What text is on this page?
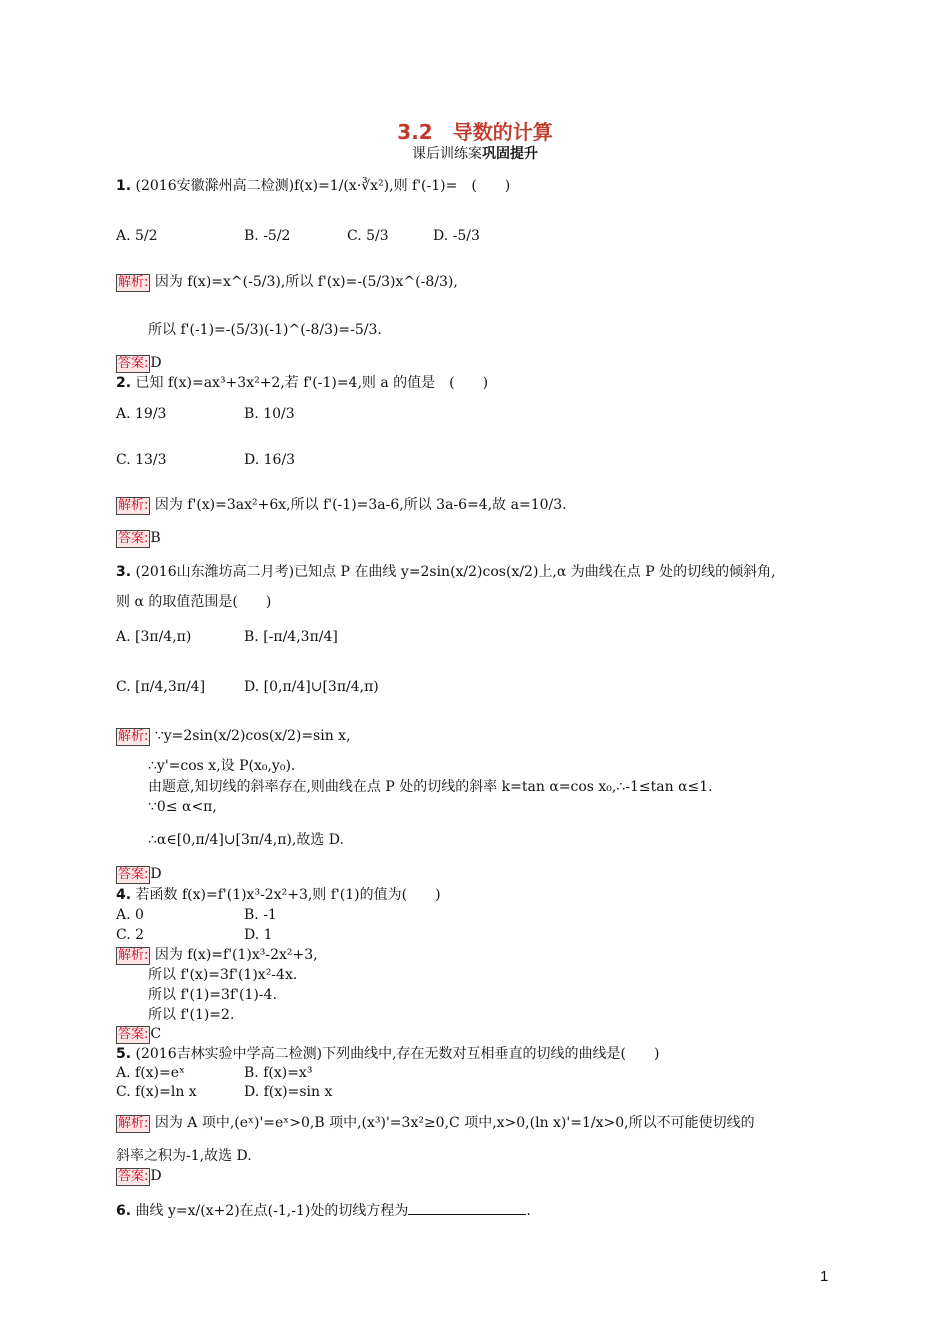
3.2　导数的计算
课后训练案巩固提升
1. (2016安徽滁州高二检测)f(x)=1/(x·∛x²),则 f'(-1)=　(　　)
A. 5/2	B. -5/2	C. 5/3	D. -5/3
解析: 因为 f(x)=x^(-5/3),所以 f'(x)=-(5/3)x^(-8/3),
所以 f'(-1)=-(5/3)(-1)^(-8/3)=-5/3.
答案: D
2. 已知 f(x)=ax³+3x²+2,若 f'(-1)=4,则 a 的值是　(　　)
A. 19/3	B. 10/3
C. 13/3	D. 16/3
解析: 因为 f'(x)=3ax²+6x,所以 f'(-1)=3a-6,所以 3a-6=4,故 a=10/3.
答案: B
3. (2016山东潍坊高二月考)已知点 P 在曲线 y=2sin(x/2)cos(x/2)上,α 为曲线在点 P 处的切线的倾斜角,
则 α 的取值范围是(　　)
A. [3π/4,π)	B. [-π/4,3π/4]
C. [π/4,3π/4]	D. [0,π/4]∪[3π/4,π)
解析: ∵y=2sin(x/2)cos(x/2)=sin x,
∴y'=cos x,设 P(x₀,y₀).
由题意,知切线的斜率存在,则曲线在点 P 处的切线的斜率 k=tan α=cos x₀,∴-1≤tan α≤1.
∵0≤ α<π,
∴α∈[0,π/4]∪[3π/4,π),故选 D.
答案: D
4. 若函数 f(x)=f'(1)x³-2x²+3,则 f'(1)的值为(　　)
A. 0	B. -1
C. 2	D. 1
解析: 因为 f(x)=f'(1)x³-2x²+3,
所以 f'(x)=3f'(1)x²-4x.
所以 f'(1)=3f'(1)-4.
所以 f'(1)=2.
答案: C
5. (2016吉林实验中学高二检测)下列曲线中,存在无数对互相垂直的切线的曲线是(　　)
A. f(x)=eˣ	B. f(x)=x³
C. f(x)=ln x	D. f(x)=sin x
解析: 因为 A 项中,(eˣ)'=eˣ>0,B 项中,(x³)'=3x²≥0,C 项中,x>0,(ln x)'=1/x>0,所以不可能使切线的
斜率之积为-1,故选 D.
答案: D
6. 曲线 y=x/(x+2)在点(-1,-1)处的切线方程为	.
1
